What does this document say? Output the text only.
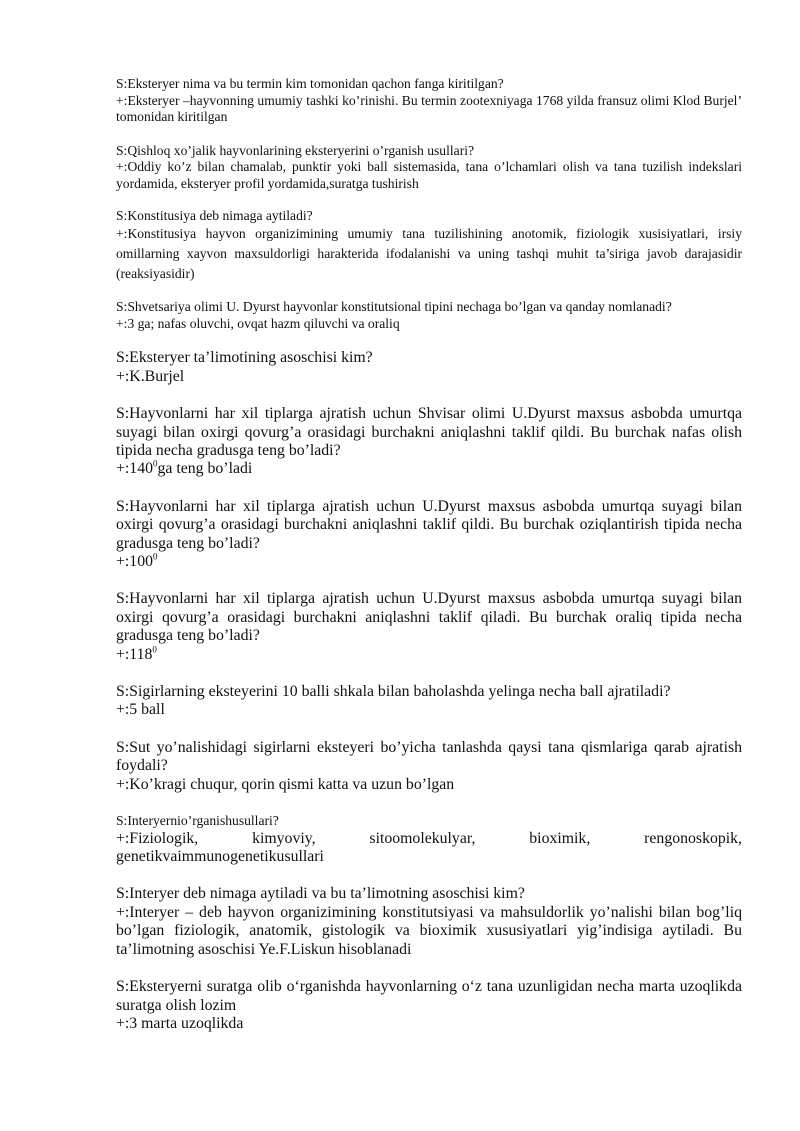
S:Eksteryer nima va bu termin kim tomonidan qachon fanga kiritilgan?

+:Eksteryer –hayvonning umumiy tashki ko’rinishi. Bu termin zootexniyaga 1768 yilda fransuz olimi Klod Burjel’ tomonidan kiritilgan

S:Qishloq xo’jalik hayvonlarining eksteryerini o’rganish usullari?

+:Oddiy ko’z bilan chamalab, punktir yoki ball sistemasida, tana o’lchamlari olish va tana tuzilish indekslari yordamida, eksteryer profil yordamida,suratga tushirish

S:Konstitusiya deb nimaga aytiladi?

+:Konstitusiya hayvon organizimining umumiy tana tuzilishining anotomik, fiziologik xusisiyatlari, irsiy omillarning xayvon maxsuldorligi harakterida ifodalanishi va uning tashqi muhit ta’siriga javob darajasidir (reaksiyasidir)

S:Shvetsariya olimi U. Dyurst hayvonlar konstitutsional tipini nechaga bo’lgan va qanday nomlanadi?

+:3 ga; nafas oluvchi, ovqat hazm qiluvchi va oraliq

S:Eksteryer ta’limotining asoschisi kim?

+:K.Burjel

S:Hayvonlarni har xil tiplarga ajratish uchun Shvisar olimi U.Dyurst maxsus asbobda umurtqa suyagi bilan oxirgi qovurg’a orasidagi burchakni aniqlashni taklif qildi. Bu burchak nafas olish tipida necha gradusga teng bo’ladi?

$+:140^0ga$ teng bo’ladi

S:Hayvonlarni har xil tiplarga ajratish uchun U.Dyurst maxsus asbobda umurtqa suyagi bilan oxirgi qovurg’a orasidagi burchakni aniqlashni taklif qildi. Bu burchak oziqlantirish tipida necha gradusga teng bo’ladi?

$+:100^0$

S:Hayvonlarni har xil tiplarga ajratish uchun U.Dyurst maxsus asbobda umurtqa suyagi bilan oxirgi qovurg’a orasidagi burchakni aniqlashni taklif qiladi. Bu burchak oraliq tipida necha gradusga teng bo’ladi?

$+:118^0$

S:Sigirlarning eksteyerini 10 balli shkala bilan baholashda yelinga necha ball ajratiladi?

+:5 ball

S:Sut yo’nalishidagi sigirlarni eksteyeri bo’yicha tanlashda qaysi tana qismlariga qarab ajratish foydali?

+:Ko’kragi chuqur, qorin qismi katta va uzun bo’lgan

S:Interyernio’rganishusullari?

+:Fiziologik, kimyoviy, sitoomolekulyar, bioximik, rengonoskopik,

genetikvaimmunogenetikusullari

S:Interyer deb nimaga aytiladi va bu ta’limotning asoschisi kim?

+:Interyer – deb hayvon organizimining konstitutsiyasi va mahsuldorlik yo’nalishi bilan bog’liq bo’lgan fiziologik, anatomik, gistologik va bioximik xususiyatlari yig’indisiga aytiladi. Bu ta’limotning asoschisi Ye.F.Liskun hisoblanadi

S:Eksteryerni suratga olib o‘rganishda hayvonlarning o‘z tana uzunligidan necha marta uzoqlikda suratga olish lozim

+:3 marta uzoqlikda
